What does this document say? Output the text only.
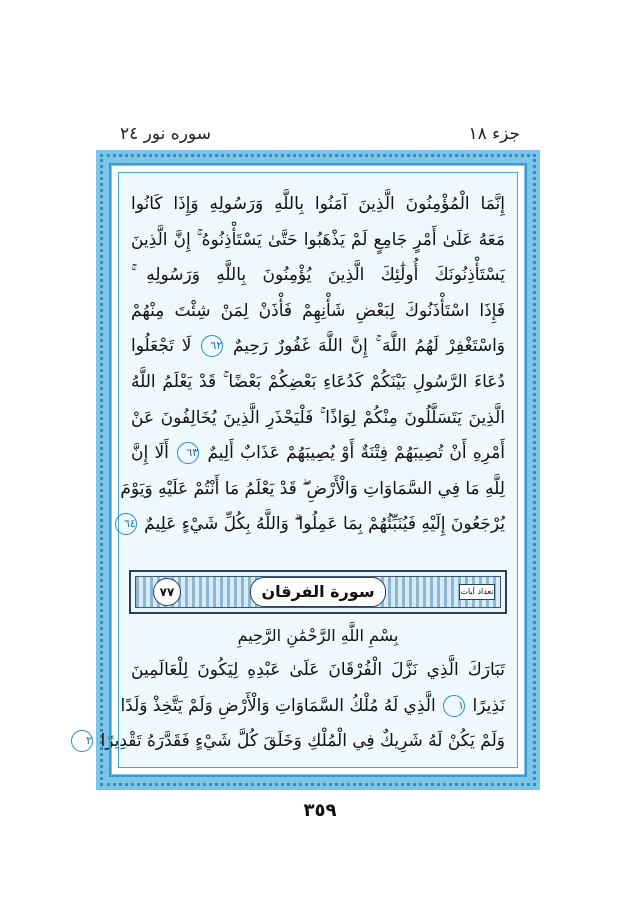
جزء ١٨
سوره نور ٢٤
إِنَّمَا الْمُؤْمِنُونَ الَّذِينَ آمَنُوا بِاللَّهِ وَرَسُولِهِ وَإِذَا كَانُوا
مَعَهُ عَلَىٰ أَمْرٍ جَامِعٍ لَمْ يَذْهَبُوا حَتَّىٰ يَسْتَأْذِنُوهُ ۚ إِنَّ الَّذِينَ
يَسْتَأْذِنُونَكَ أُولَٰئِكَ الَّذِينَ يُؤْمِنُونَ بِاللَّهِ وَرَسُولِهِ ۚ
فَإِذَا اسْتَأْذَنُوكَ لِبَعْضِ شَأْنِهِمْ فَأْذَنْ لِمَنْ شِئْتَ مِنْهُمْ
وَاسْتَغْفِرْ لَهُمُ اللَّهَ ۚ إِنَّ اللَّهَ غَفُورٌ رَحِيمٌ ٦٢ لَا تَجْعَلُوا
دُعَاءَ الرَّسُولِ بَيْنَكُمْ كَدُعَاءِ بَعْضِكُمْ بَعْضًا ۚ قَدْ يَعْلَمُ اللَّهُ
الَّذِينَ يَتَسَلَّلُونَ مِنْكُمْ لِوَاذًا ۚ فَلْيَحْذَرِ الَّذِينَ يُخَالِفُونَ عَنْ
أَمْرِهِ أَنْ تُصِيبَهُمْ فِتْنَةٌ أَوْ يُصِيبَهُمْ عَذَابٌ أَلِيمٌ ٦٣ أَلَا إِنَّ
لِلَّهِ مَا فِي السَّمَاوَاتِ وَالْأَرْضِ ۖ قَدْ يَعْلَمُ مَا أَنْتُمْ عَلَيْهِ وَيَوْمَ
يُرْجَعُونَ إِلَيْهِ فَيُنَبِّئُهُمْ بِمَا عَمِلُوا ۗ وَاللَّهُ بِكُلِّ شَيْءٍ عَلِيمٌ ٦٤
تعداد آيات
سورة الفرقان
٧٧
بِسْمِ اللَّهِ الرَّحْمَٰنِ الرَّحِيمِ
تَبَارَكَ الَّذِي نَزَّلَ الْفُرْقَانَ عَلَىٰ عَبْدِهِ لِيَكُونَ لِلْعَالَمِينَ
نَذِيرًا ١ الَّذِي لَهُ مُلْكُ السَّمَاوَاتِ وَالْأَرْضِ وَلَمْ يَتَّخِذْ وَلَدًا
وَلَمْ يَكُنْ لَهُ شَرِيكٌ فِي الْمُلْكِ وَخَلَقَ كُلَّ شَيْءٍ فَقَدَّرَهُ تَقْدِيرًا ٢
٣٥٩
